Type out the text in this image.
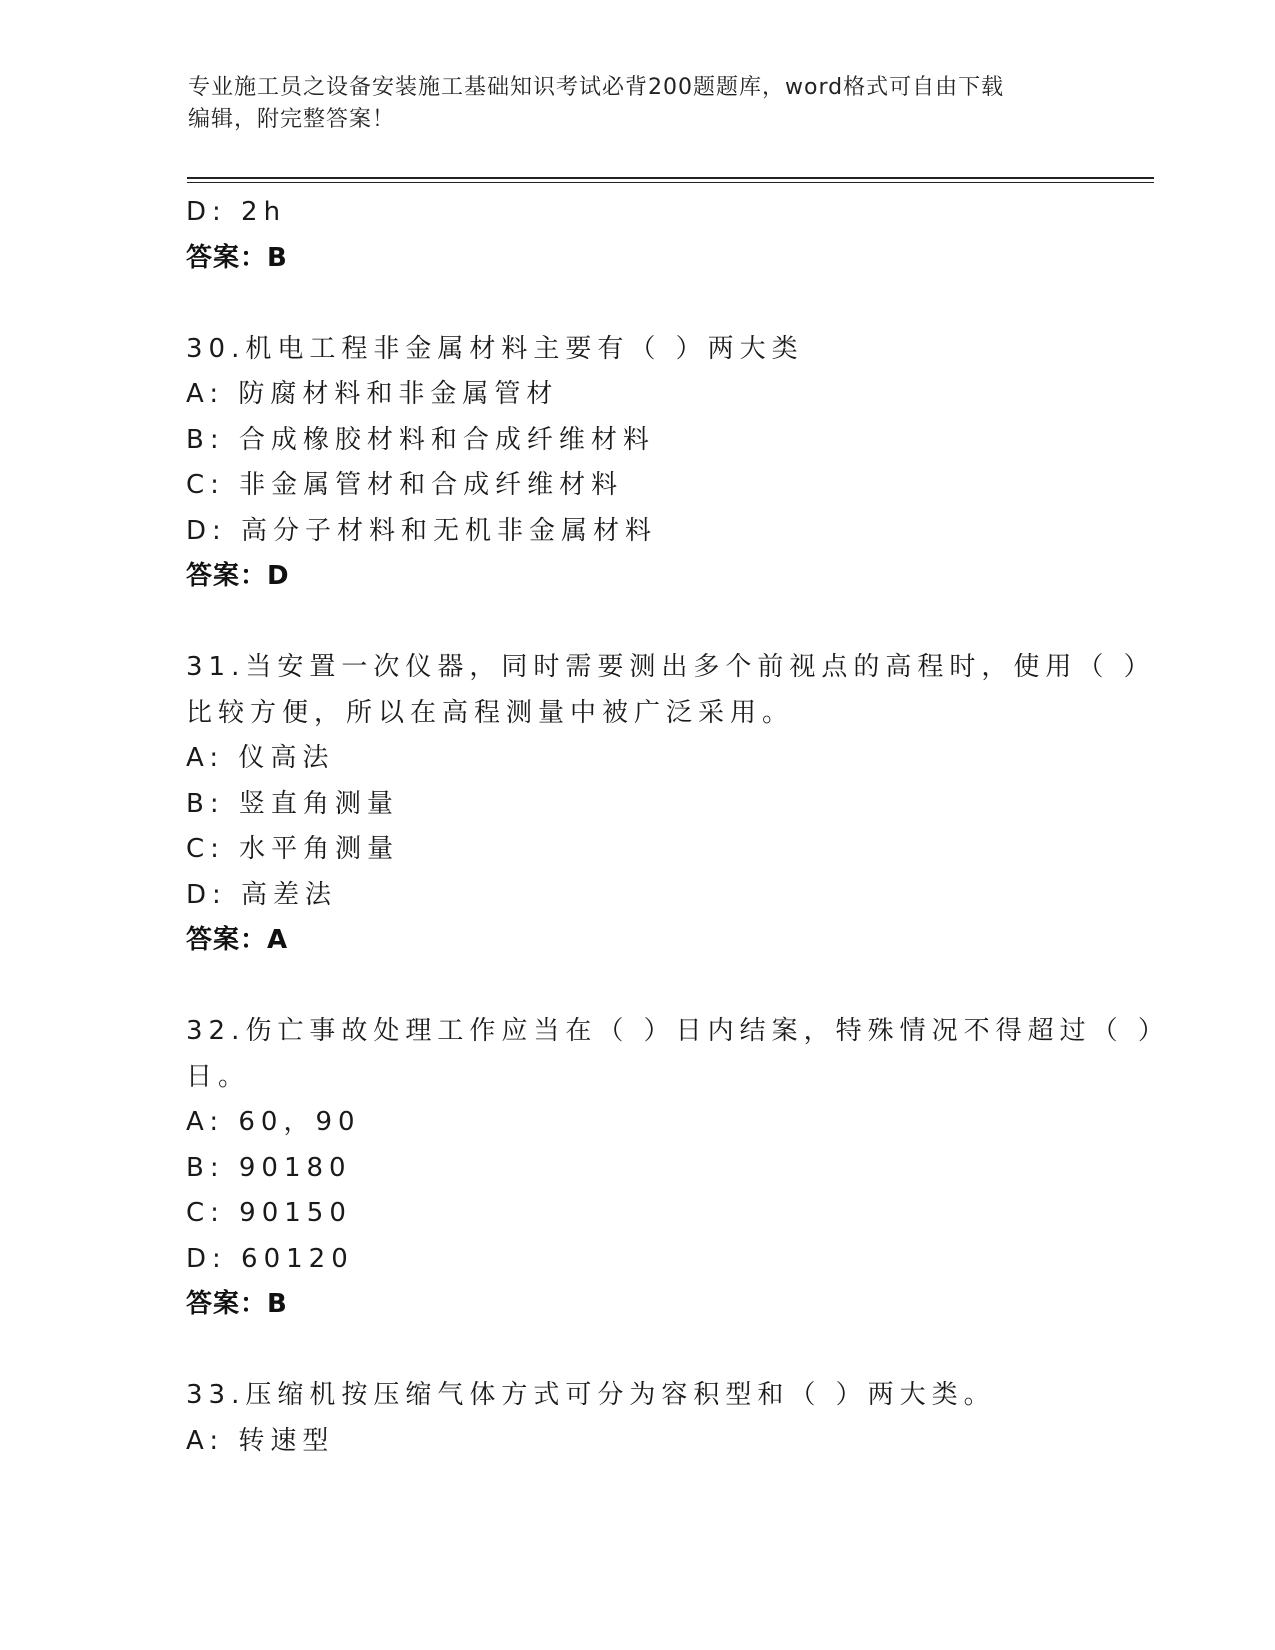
专业施工员之设备安装施工基础知识考试必背200题题库，word格式可自由下载
编辑，附完整答案！
D: 2h
答案：B
30.机电工程非金属材料主要有（ ）两大类
A: 防腐材料和非金属管材
B: 合成橡胶材料和合成纤维材料
C: 非金属管材和合成纤维材料
D: 高分子材料和无机非金属材料
答案：D
31.当安置一次仪器，同时需要测出多个前视点的高程时，使用（ ）
比较方便，所以在高程测量中被广泛采用。
A: 仪高法
B: 竖直角测量
C: 水平角测量
D: 高差法
答案：A
32.伤亡事故处理工作应当在（ ）日内结案，特殊情况不得超过（ ）
日。
A: 60，90
B: 90180
C: 90150
D: 60120
答案：B
33.压缩机按压缩气体方式可分为容积型和（ ）两大类。
A: 转速型
